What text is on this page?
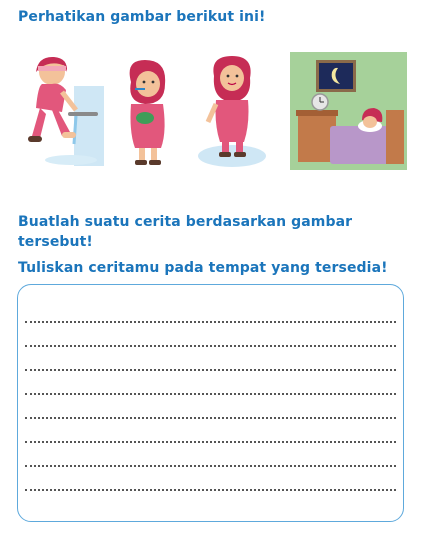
Perhatikan gambar berikut ini!
Buatlah suatu cerita berdasarkan gambar tersebut!
Tuliskan ceritamu pada tempat yang tersedia!
